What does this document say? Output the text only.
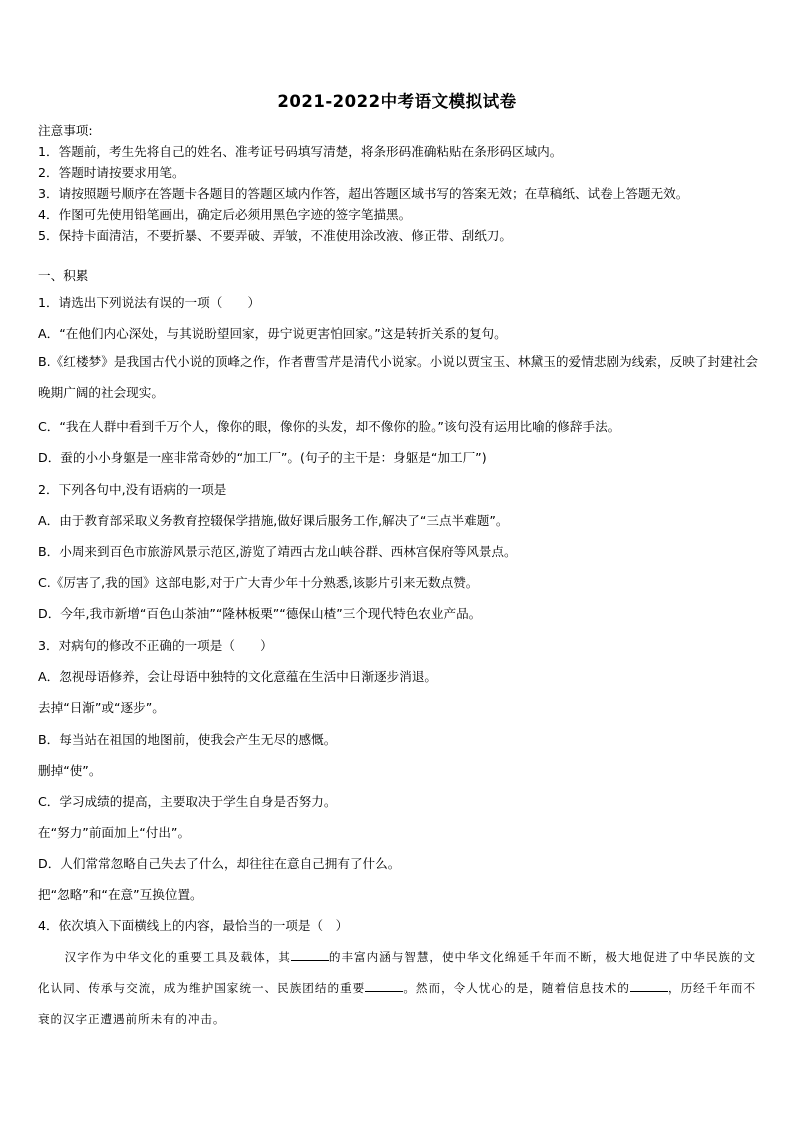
2021-2022中考语文模拟试卷
注意事项:
1．答题前，考生先将自己的姓名、准考证号码填写清楚，将条形码准确粘贴在条形码区域内。
2．答题时请按要求用笔。
3．请按照题号顺序在答题卡各题目的答题区域内作答，超出答题区域书写的答案无效；在草稿纸、试卷上答题无效。
4．作图可先使用铅笔画出，确定后必须用黑色字迹的签字笔描黑。
5．保持卡面清洁，不要折暴、不要弄破、弄皱，不准使用涂改液、修正带、刮纸刀。
一、积累
1．请选出下列说法有误的一项（　　）
A．“在他们内心深处，与其说盼望回家，毋宁说更害怕回家。”这是转折关系的复句。
B.《红楼梦》是我国古代小说的顶峰之作，作者曹雪芹是清代小说家。小说以贾宝玉、林黛玉的爱情悲剧为线索，反映了封建社会晚期广阔的社会现实。
C．“我在人群中看到千万个人，像你的眼，像你的头发，却不像你的脸。”该句没有运用比喻的修辞手法。
D．蚕的小小身躯是一座非常奇妙的“加工厂”。(句子的主干是：身躯是“加工厂”)
2．下列各句中,没有语病的一项是
A．由于教育部采取义务教育控辍保学措施,做好课后服务工作,解决了“三点半难题”。
B．小周来到百色市旅游风景示范区,游览了靖西古龙山峡谷群、西林宫保府等风景点。
C.《厉害了,我的国》这部电影,对于广大青少年十分熟悉,该影片引来无数点赞。
D．今年,我市新增“百色山茶油”“隆林板栗”“德保山楂”三个现代特色农业产品。
3．对病句的修改不正确的一项是（　　）
A．忽视母语修养，会让母语中独特的文化意蕴在生活中日渐逐步消退。
去掉“日渐”或“逐步”。
B．每当站在祖国的地图前，使我会产生无尽的感慨。
删掉“使”。
C．学习成绩的提高，主要取决于学生自身是否努力。
在“努力”前面加上“付出”。
D．人们常常忽略自己失去了什么，却往往在意自己拥有了什么。
把“忽略”和“在意”互换位置。
4．依次填入下面横线上的内容，最恰当的一项是（　）
汉字作为中华文化的重要工具及载体，其	的丰富内涵与智慧，使中华文化绵延千年而不断，极大地促进了中华民族的文化认同、传承与交流，成为维护国家统一、民族团结的重要	。然而，令人忧心的是，随着信息技术的	，历经千年而不衰的汉字正遭遇前所未有的冲击。
